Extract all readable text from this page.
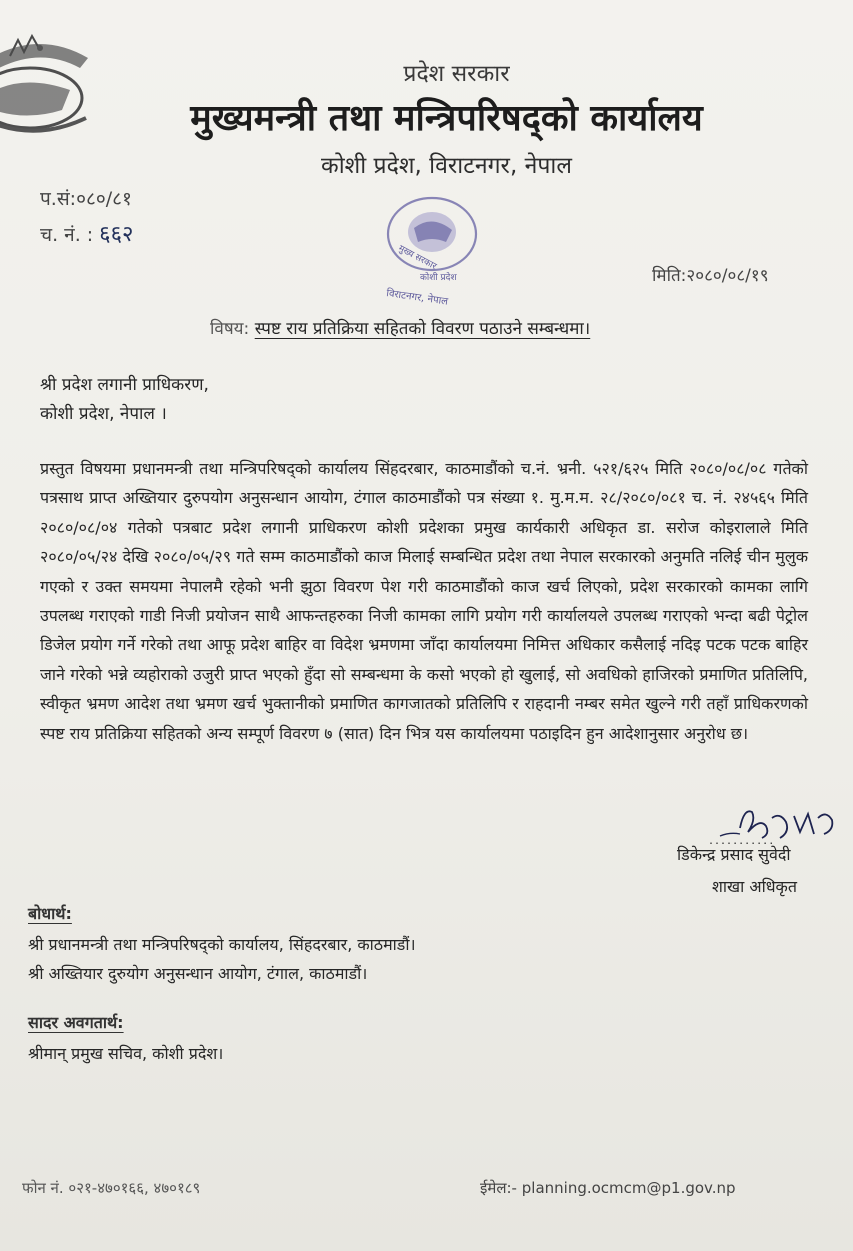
प्रदेश सरकार
मुख्यमन्त्री तथा मन्त्रिपरिषद्को कार्यालय
कोशी प्रदेश, विराटनगर, नेपाल
प.सं:०८०/८१
च. नं. : ६६२
मुख्य सरकार
कोशी प्रदेश
विराटनगर, नेपाल
मिति:२०८०/०८/१९
विषय: स्पष्ट राय प्रतिक्रिया सहितको विवरण पठाउने सम्बन्धमा।
श्री प्रदेश लगानी प्राधिकरण,
कोशी प्रदेश, नेपाल ।
प्रस्तुत विषयमा प्रधानमन्त्री तथा मन्त्रिपरिषद्को कार्यालय सिंहदरबार, काठमाडौंको च.नं. भ्रनी. ५२१/६२५ मिति २०८०/०८/०८ गतेको पत्रसाथ प्राप्त अख्तियार दुरुपयोग अनुसन्धान आयोग, टंगाल काठमाडौंको पत्र संख्या १. मु.म.म. २८/२०८०/०८१ च. नं. २४५६५ मिति २०८०/०८/०४ गतेको पत्रबाट प्रदेश लगानी प्राधिकरण कोशी प्रदेशका प्रमुख कार्यकारी अधिकृत डा. सरोज कोइरालाले मिति २०८०/०५/२४ देखि २०८०/०५/२९ गते सम्म काठमाडौंको काज मिलाई सम्बन्धित प्रदेश तथा नेपाल सरकारको अनुमति नलिई चीन मुलुक गएको र उक्त समयमा नेपालमै रहेको भनी झुठा विवरण पेश गरी काठमाडौंको काज खर्च लिएको, प्रदेश सरकारको कामका लागि उपलब्ध गराएको गाडी निजी प्रयोजन साथै आफन्तहरुका निजी कामका लागि प्रयोग गरी कार्यालयले उपलब्ध गराएको भन्दा बढी पेट्रोल डिजेल प्रयोग गर्ने गरेको तथा आफू प्रदेश बाहिर वा विदेश भ्रमणमा जाँदा कार्यालयमा निमित्त अधिकार कसैलाई नदिइ पटक पटक बाहिर जाने गरेको भन्ने व्यहोराको उजुरी प्राप्त भएको हुँदा सो सम्बन्धमा के कसो भएको हो खुलाई, सो अवधिको हाजिरको प्रमाणित प्रतिलिपि, स्वीकृत भ्रमण आदेश तथा भ्रमण खर्च भुक्तानीको प्रमाणित कागजातको प्रतिलिपि र राहदानी नम्बर समेत खुल्ने गरी तहाँ प्राधिकरणको स्पष्ट राय प्रतिक्रिया सहितको अन्य सम्पूर्ण विवरण ७ (सात) दिन भित्र यस कार्यालयमा पठाइदिन हुन आदेशानुसार अनुरोध छ।
...........
डिकेन्द्र प्रसाद सुवेदी
शाखा अधिकृत
बोधार्थ:
श्री प्रधानमन्त्री तथा मन्त्रिपरिषद्को कार्यालय, सिंहदरबार, काठमाडौं।
श्री अख्तियार दुरुयोग अनुसन्धान आयोग, टंगाल, काठमाडौं।
सादर अवगतार्थ:
श्रीमान् प्रमुख सचिव, कोशी प्रदेश।
फोन नं. ०२१-४७०१६६, ४७०१८९	ईमेल:- planning.ocmcm@p1.gov.np
